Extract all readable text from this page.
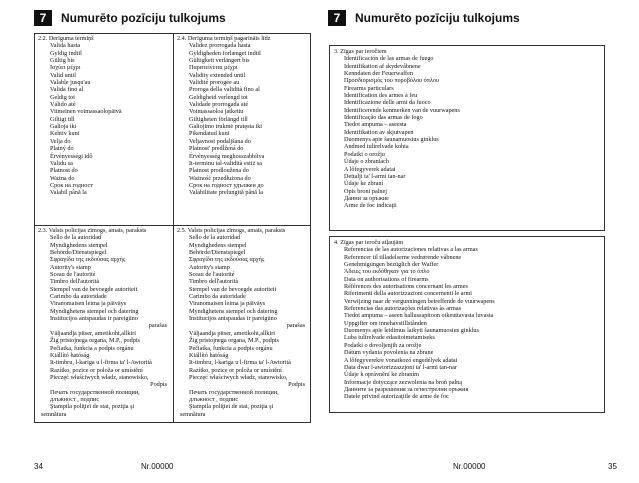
7	Numurēto pozīciju tulkojums
2.2. Derīguma termiņš
Valida hasta
Gyldig indtil
Gültig bis
Ισχύει μέχρι
Valid until
Valable jusqu'au
Valida fino al
Geldig tot
Válido até
Viimeinen voimassaolopäivä
Giltigt till
Galioja iki
Kehtiv kuni
Velja do
Platný do
Érvényességi idő
Validu sa
Platnost do
Ważna do
Срок на годност
Valabil până la
2.4. Derīguma termiņš pagarināts līdz
Validez prorrogada hasta
Gyldigheden forlænget indtil
Gültigkeit verlängert bis
Παρατείνεται μέχρι
Validity extended until
Validité prorogée au
Proroga della validità fino al
Geldigheid verlengd tot
Validade prorrogada até
Voimassaoloa jatkettu
Giltigheten förlängd till
Galiojimo trukmė pratęsta iki
Pikendatud kuni
Veljavnost podaljšana do
Platnost' predĺžená do
Érvényesség meghosszabbítva
It-terminu tal-validità estiż sa
Platnost prodloužena do
Ważność przedłużona do
Срок на годност удължен до
Valabilitate prelungită până la
2.3. Valsts policijas zīmogs, amats, paraksts
Sello de la autoridad
Myndighedens stempel
Behörde/Dienstspiegel
Σφραγίδα της εκδούσας αρχής
Autority's stamp
Sceau de l'autorité
Timbro dell'autorità
Stempel van de bevoegde autoriteit
Carimbo da autoridade
Viranomaisen leima ja päiväys
Myndighetens stempel och datering
Institucijos antspaudas ir pareigūno
parašas
Väljaandja pitser, ametikoht,allkiri
Žig pristojnega organa, M.P., podpis
Pečiatka, funkcia a podpis orgánu
Kiállító hatóság
It-timbru, l-kariga u l-firma ta' l-Awtorità
Razítko, pozice or položa or umístění
Pieczęć właściwych władz, stanowisko,
Podpis
Печать государственной полиции,
длъжност , подпис
Ştampila poliţiei de stat, poziţia şi
semnătura
2.5. Valsts policijas zīmogs, amats, paraksts
Sello de la autoridad
Myndighedens stempel
Behörde/Dienstspiegel
Σφραγίδα της εκδούσας αρχής
Autority's stamp
Sceau de l'autorité
Timbro dell'autorità
Stempel van de bevoegde autoriteit
Carimbo da autoridade
Viranomaisen leima ja päiväys
Myndighetens stempel och datering
Institucijos antspaudas ir pareigūno
parašas
Väljaandja pitser, ametikoht,allkiri
Žig pristojnega organa, M.P., podpis
Pečiatka, funkcia a podpis orgánu
Kiállító hatóság
It-timbru, l-kariga u l-firma ta' l-Awtorità
Razítko, pozice or položa or umístění
Pieczęć właściwych władz, stanowisko,
Podpis
Печать государственной полиции,
длъжност , подпис
Ştampila poliţiei de stat, poziţia şi
semnătura
34	Nr.00000
7	Numurēto pozīciju tulkojums
3. Zīgas par ieročiem
Identificación de las armas de fuego
Identifikation af skydevåbnene
Kenndaten der Feuerwaffen
Προσδιορισμός του πυροβόλου όπλου
Firearms particulars
Identification des armes à feu
Identificazione delle armi da fuoco
Identificerende kenmerken van de vuurwapens
Identificação das armas de fogo
Tiedot ampuma – aseesta
Identifikation av skjutvapen
Duomenys apie šaunamuosius ginklus
Andmed tulirelvade kohta
Podatki o orožju
Údaje o zbraniach
A lőfegyverek adatai
Dettalji ta' l-armi tan-nar
Údaje ke zbraní
Opis broni palnej
Данни за оръжие
Arme de foc indicaţii
4. Zīgas par ieroču atļaujām
Referencias de las autorizaciones relativas a las armas
Referencer til tilladelserne vedrørende våbnene
Genehmigungen bezüglich der Waffer
Άδειες του εκδόθηκαν για το όπλο
Data on authorisations of firearms
Références des autorisations concernant les armes
Riferimenti della autorizzazioni concernenti le armi
Verwijzing naar de vergunningen betreffende de vuurwapens
Referencias das autorizações relativas às armas
Tiedot ampuma – aseen hallussapitoon oikeuttavasta luvasta
Uppgifter om innehavstillstånden
Duomenys apie leidimus laikyti šaunamuosius ginklus
Luba tulirelvade edasitoimetamiseks
Podatki o dovoljenjih za orožje
Dátum vydania povolenia na zbrane
A lőfegyverekre vonatkozó engedélyek adatai
Data dwar l-awtorizzazzjoni ta' l-armi tan-nar
Údaje k oprávnění ke zbraním
Informacje dotyczące zezwolenia na broń palną
Данните за разрешения за огнестрелни оръжия
Datele privind autorizaţiile de arme de foc
Nr.00000	35
